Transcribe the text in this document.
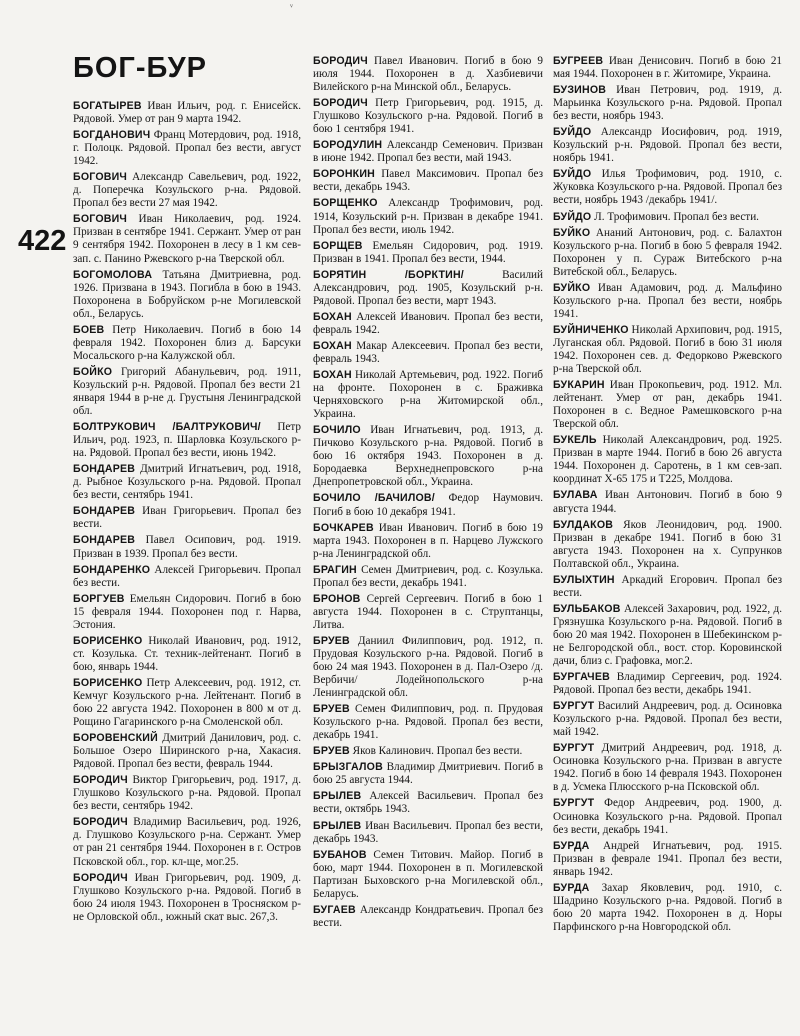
ᵛ
БОГ-БУР
422

БОГАТЫРЕВ Иван Ильич, род. г. Енисейск. Рядовой. Умер от ран 9 марта 1942.

БОГДАНОВИЧ Франц Мотердович, род. 1918, г. Полоцк. Рядовой. Пропал без вести, август 1942.

БОГОВИЧ Александр Савельевич, род. 1922, д. Поперечка Козульского р-на. Рядовой. Пропал без вести 27 мая 1942.

БОГОВИЧ Иван Николаевич, род. 1924. Призван в сентябре 1941. Сержант. Умер от ран 9 сентября 1942. Похоронен в лесу в 1 км сев-зап. с. Панино Ржевского р-на Тверской обл.

БОГОМОЛОВА Татьяна Дмитриевна, род. 1926. Призвана в 1943. Погибла в бою в 1943. Похоронена в Бобруйском р-не Могилевской обл., Беларусь.

БОЕВ Петр Николаевич. Погиб в бою 14 февраля 1942. Похоронен близ д. Барсуки Мосальского р-на Калужской обл.

БОЙКО Григорий Абанульевич, род. 1911, Козульский р-н. Рядовой. Пропал без вести 21 января 1944 в р-не д. Грустыня Ленинградской обл.

БОЛТРУКОВИЧ /БАЛТРУКОВИЧ/ Петр Ильич, род. 1923, п. Шарловка Козульского р-на. Рядовой. Пропал без вести, июнь 1942.

БОНДАРЕВ Дмитрий Игнатьевич, род. 1918, д. Рыбное Козульского р-на. Рядовой. Пропал без вести, сентябрь 1941.

БОНДАРЕВ Иван Григорьевич. Пропал без вести.

БОНДАРЕВ Павел Осипович, род. 1919. Призван в 1939. Пропал без вести.

БОНДАРЕНКО Алексей Григорьевич. Пропал без вести.

БОРГУЕВ Емельян Сидорович. Погиб в бою 15 февраля 1944. Похоронен под г. Нарва, Эстония.

БОРИСЕНКО Николай Иванович, род. 1912, ст. Козулька. Ст. техник-лейтенант. Погиб в бою, январь 1944.

БОРИСЕНКО Петр Алексеевич, род. 1912, ст. Кемчуг Козульского р-на. Лейтенант. Погиб в бою 22 августа 1942. Похоронен в 800 м от д. Рощино Гагаринского р-на Смоленской обл.

БОРОВЕНСКИЙ Дмитрий Данилович, род. с. Большое Озеро Ширинского р-на, Хакасия. Рядовой. Пропал без вести, февраль 1944.

БОРОДИЧ Виктор Григорьевич, род. 1917, д. Глушково Козульского р-на. Рядовой. Пропал без вести, сентябрь 1942.

БОРОДИЧ Владимир Васильевич, род. 1926, д. Глушково Козульского р-на. Сержант. Умер от ран 21 сентября 1944. Похоронен в г. Остров Псковской обл., гор. кл-ще, мог.25.

БОРОДИЧ Иван Григорьевич, род. 1909, д. Глушково Козульского р-на. Рядовой. Погиб в бою 24 июля 1943. Похоронен в Тросняском р-не Орловской обл., южный скат выс. 267,3.

БОРОДИЧ Павел Иванович. Погиб в бою 9 июля 1944. Похоронен в д. Хазбиевичи Вилейского р-на Минской обл., Беларусь.

БОРОДИЧ Петр Григорьевич, род. 1915, д. Глушково Козульского р-на. Рядовой. Погиб в бою 1 сентября 1941.

БОРОДУЛИН Александр Семенович. Призван в июне 1942. Пропал без вести, май 1943.

БОРОНКИН Павел Максимович. Пропал без вести, декабрь 1943.

БОРЩЕНКО Александр Трофимович, род. 1914, Козульский р-н. Призван в декабре 1941. Пропал без вести, июль 1942.

БОРЩЕВ Емельян Сидорович, род. 1919. Призван в 1941. Пропал без вести, 1944.

БОРЯТИН /БОРКТИН/	Василий Александрович, род. 1905, Козульский р-н. Рядовой. Пропал без вести, март 1943.

БОХАН Алексей Иванович. Пропал без вести, февраль 1942.

БОХАН Макар Алексеевич. Пропал без вести, февраль 1943.

БОХАН Николай Артемьевич, род. 1922. Погиб на фронте. Похоронен в с. Браживка Черняховского р-на Житомирской обл., Украина.

БОЧИЛО Иван Игнатьевич, род. 1913, д. Пичково Козульского р-на. Рядовой. Погиб в бою 16 октября 1943. Похоронен в д. Бородаевка Верхнеднепровского р-на Днепропетровской обл., Украина.

БОЧИЛО /БАЧИЛОВ/ Федор Наумович. Погиб в бою 10 декабря 1941.

БОЧКАРЕВ Иван Иванович. Погиб в бою 19 марта 1943. Похоронен в п. Нарцево Лужского р-на Ленинградской обл.

БРАГИН Семен Дмитриевич, род. с. Козулька. Пропал без вести, декабрь 1941.

БРОНОВ Сергей Сергеевич. Погиб в бою 1 августа 1944. Похоронен в с. Струптанцы, Литва.

БРУЕВ Даниил Филиппович, род. 1912, п. Прудовая Козульского р-на. Рядовой. Погиб в бою 24 мая 1943. Похоронен в д. Пал-Озеро /д. Вербичи/ Лодейнопольского р-на Ленинградской обл.

БРУЕВ Семен Филиппович, род. п. Прудовая Козульского р-на. Рядовой. Пропал без вести, декабрь 1941.

БРУЕВ Яков Калинович. Пропал без вести.

БРЫЗГАЛОВ Владимир Дмитриевич. Погиб в бою 25 августа 1944.

БРЫЛЕВ Алексей Васильевич. Пропал без вести, октябрь 1943.

БРЫЛЕВ Иван Васильевич. Пропал без вести, декабрь 1943.

БУБАНОВ Семен Титович. Майор. Погиб в бою, март 1944. Похоронен в п. Могилевской Партизан Быховского р-на Могилевской обл., Беларусь.

БУГАЕВ Александр Кондратьевич. Пропал без вести.

БУГРЕЕВ Иван Денисович. Погиб в бою 21 мая 1944. Похоронен в г. Житомире, Украина.

БУЗИНОВ Иван Петрович, род. 1919, д. Марьинка Козульского р-на. Рядовой. Пропал без вести, ноябрь 1943.

БУЙДО Александр Иосифович, род. 1919, Козульский р-н. Рядовой. Пропал без вести, ноябрь 1941.

БУЙДО Илья Трофимович, род. 1910, с. Жуковка Козульского р-на. Рядовой. Пропал без вести, ноябрь 1943 /декабрь 1941/.

БУЙДО Л. Трофимович. Пропал без вести.

БУЙКО Ананий Антонович, род. с. Балахтон Козульского р-на. Погиб в бою 5 февраля 1942. Похоронен у п. Сураж Витебского р-на Витебской обл., Беларусь.

БУЙКО Иван Адамович, род. д. Мальфино Козульского р-на. Пропал без вести, ноябрь 1941.

БУЙНИЧЕНКО Николай Архипович, род. 1915, Луганская обл. Рядовой. Погиб в бою 31 июля 1942. Похоронен сев. д. Федорково Ржевского р-на Тверской обл.

БУКАРИН Иван Прокопьевич, род. 1912. Мл. лейтенант. Умер от ран, декабрь 1941. Похоронен в с. Ведное Рамешковского р-на Тверской обл.

БУКЕЛЬ Николай Александрович, род. 1925. Призван в марте 1944. Погиб в бою 26 августа 1944. Похоронен д. Саротень, в 1 км сев-зап. координат Х-65 175 и Т225, Молдова.

БУЛАВА Иван Антонович. Погиб в бою 9 августа 1944.

БУЛДАКОВ Яков Леонидович, род. 1900. Призван в декабре 1941. Погиб в бою 31 августа 1943. Похоронен на х. Супрунков Полтавской обл., Украина.

БУЛЫХТИН Аркадий Егорович. Пропал без вести.

БУЛЬБАКОВ Алексей Захарович, род. 1922, д. Грязнушка Козульского р-на. Рядовой. Погиб в бою 20 мая 1942. Похоронен в Шебекинском р-не Белгородской обл., вост. стор. Коровинской дачи, близ с. Графовка, мог.2.

БУРГАЧЕВ Владимир Сергеевич, род. 1924. Рядовой. Пропал без вести, декабрь 1941.

БУРГУТ Василий Андреевич, род. д. Осиновка Козульского р-на. Рядовой. Пропал без вести, май 1942.

БУРГУТ Дмитрий Андреевич, род. 1918, д. Осиновка Козульского р-на. Призван в августе 1942. Погиб в бою 14 февраля 1943. Похоронен в д. Усмека Плюсского р-на Псковской обл.

БУРГУТ Федор Андреевич, род. 1900, д. Осиновка Козульского р-на. Рядовой. Пропал без вести, декабрь 1941.

БУРДА Андрей Игнатьевич, род. 1915. Призван в феврале 1941. Пропал без вести, январь 1942.

БУРДА Захар Яковлевич, род. 1910, с. Шадрино Козульского р-на. Рядовой. Погиб в бою 20 марта 1942. Похоронен в д. Норы Парфинского р-на Новгородской обл.
